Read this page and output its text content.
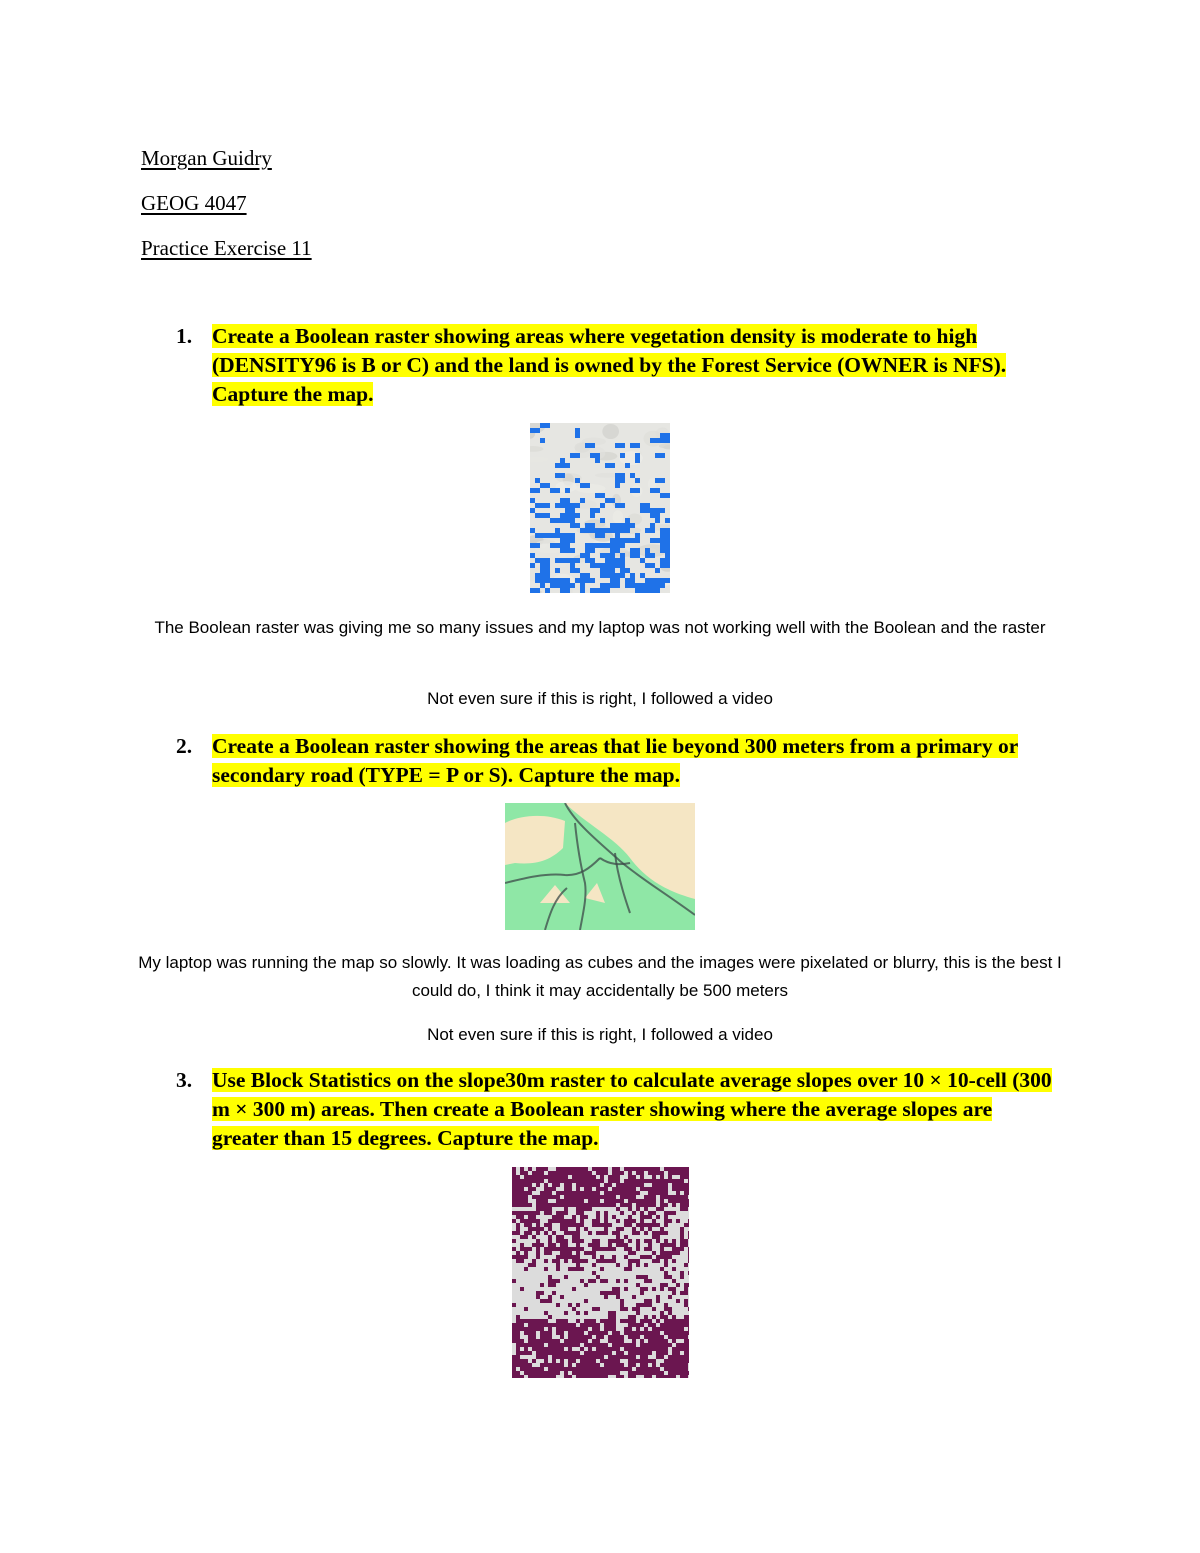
Morgan Guidry
GEOG 4047
Practice Exercise 11
1. Create a Boolean raster showing areas where vegetation density is moderate to high (DENSITY96 is B or C) and the land is owned by the Forest Service (OWNER is NFS). Capture the map.
The Boolean raster was giving me so many issues and my laptop was not working well with the Boolean and the raster
Not even sure if this is right, I followed a video
2. Create a Boolean raster showing the areas that lie beyond 300 meters from a primary or secondary road (TYPE = P or S). Capture the map.
My laptop was running the map so slowly. It was loading as cubes and the images were pixelated or blurry, this is the best I could do, I think it may accidentally be 500 meters
Not even sure if this is right, I followed a video
3. Use Block Statistics on the slope30m raster to calculate average slopes over 10 × 10-cell (300 m × 300 m) areas. Then create a Boolean raster showing where the average slopes are greater than 15 degrees. Capture the map.
